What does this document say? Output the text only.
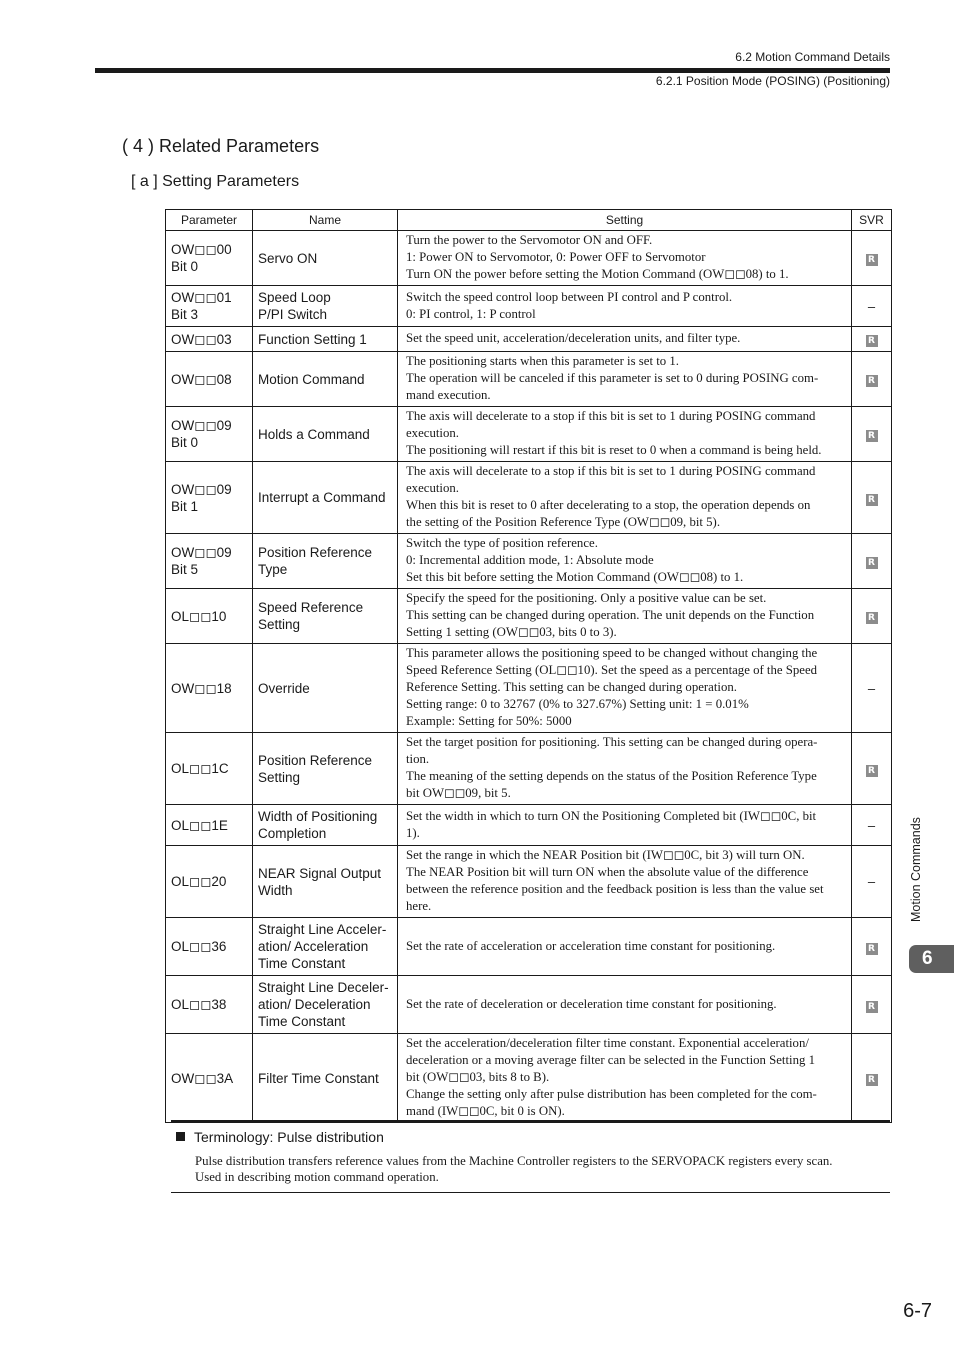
6.2 Motion Command Details
6.2.1 Position Mode (POSING) (Positioning)
( 4 ) Related Parameters
[ a ] Setting Parameters
Parameter	Name	Setting	SVR

OW◻◻00
Bit 0	Servo ON	Turn the power to the Servomotor ON and OFF.
1: Power ON to Servomotor, 0: Power OFF to Servomotor
Turn ON the power before setting the Motion Command (OW◻◻08) to 1.	R

OW◻◻01
Bit 3	Speed Loop
P/PI Switch	Switch the speed control loop between PI control and P control.
0: PI control, 1: P control	–

OW◻◻03	Function Setting 1	Set the speed unit, acceleration/deceleration units, and filter type.	R

OW◻◻08	Motion Command	The positioning starts when this parameter is set to 1.
The operation will be canceled if this parameter is set to 0 during POSING com-
mand execution.	R

OW◻◻09
Bit 0	Holds a Command	The axis will decelerate to a stop if this bit is set to 1 during POSING command
execution.
The positioning will restart if this bit is reset to 0 when a command is being held.	R

OW◻◻09
Bit 1	Interrupt a Command	The axis will decelerate to a stop if this bit is set to 1 during POSING command
execution.
When this bit is reset to 0 after decelerating to a stop, the operation depends on
the setting of the Position Reference Type (OW◻◻09, bit 5).	R

OW◻◻09
Bit 5	Position Reference
Type	Switch the type of position reference.
0: Incremental addition mode, 1: Absolute mode
Set this bit before setting the Motion Command (OW◻◻08) to 1.	R

OL◻◻10	Speed Reference
Setting	Specify the speed for the positioning. Only a positive value can be set.
This setting can be changed during operation. The unit depends on the Function
Setting 1 setting (OW◻◻03, bits 0 to 3).	R

OW◻◻18	Override	This parameter allows the positioning speed to be changed without changing the
Speed Reference Setting (OL◻◻10). Set the speed as a percentage of the Speed
Reference Setting. This setting can be changed during operation.
Setting range: 0 to 32767 (0% to 327.67%) Setting unit: 1 = 0.01%
Example: Setting for 50%: 5000	–

OL◻◻1C	Position Reference
Setting	Set the target position for positioning. This setting can be changed during opera-
tion.
The meaning of the setting depends on the status of the Position Reference Type
bit OW◻◻09, bit 5.	R

OL◻◻1E	Width of Positioning
Completion	Set the width in which to turn ON the Positioning Completed bit (IW◻◻0C, bit
1).	–

OL◻◻20	NEAR Signal Output
Width	Set the range in which the NEAR Position bit (IW◻◻0C, bit 3) will turn ON.
The NEAR Position bit will turn ON when the absolute value of the difference
between the reference position and the feedback position is less than the value set
here.	–

OL◻◻36	Straight Line Acceler-
ation/ Acceleration
Time Constant	Set the rate of acceleration or acceleration time constant for positioning.	R

OL◻◻38	Straight Line Deceler-
ation/ Deceleration
Time Constant	Set the rate of deceleration or deceleration time constant for positioning.	R

OW◻◻3A	Filter Time Constant	Set the acceleration/deceleration filter time constant. Exponential acceleration/
deceleration or a moving average filter can be selected in the Function Setting 1
bit (OW◻◻03, bits 8 to B).
Change the setting only after pulse distribution has been completed for the com-
mand (IW◻◻0C, bit 0 is ON).	R
Terminology: Pulse distribution
Pulse distribution transfers reference values from the Machine Controller registers to the SERVOPACK registers every scan.
Used in describing motion command operation.
Motion Commands
6
6-7
